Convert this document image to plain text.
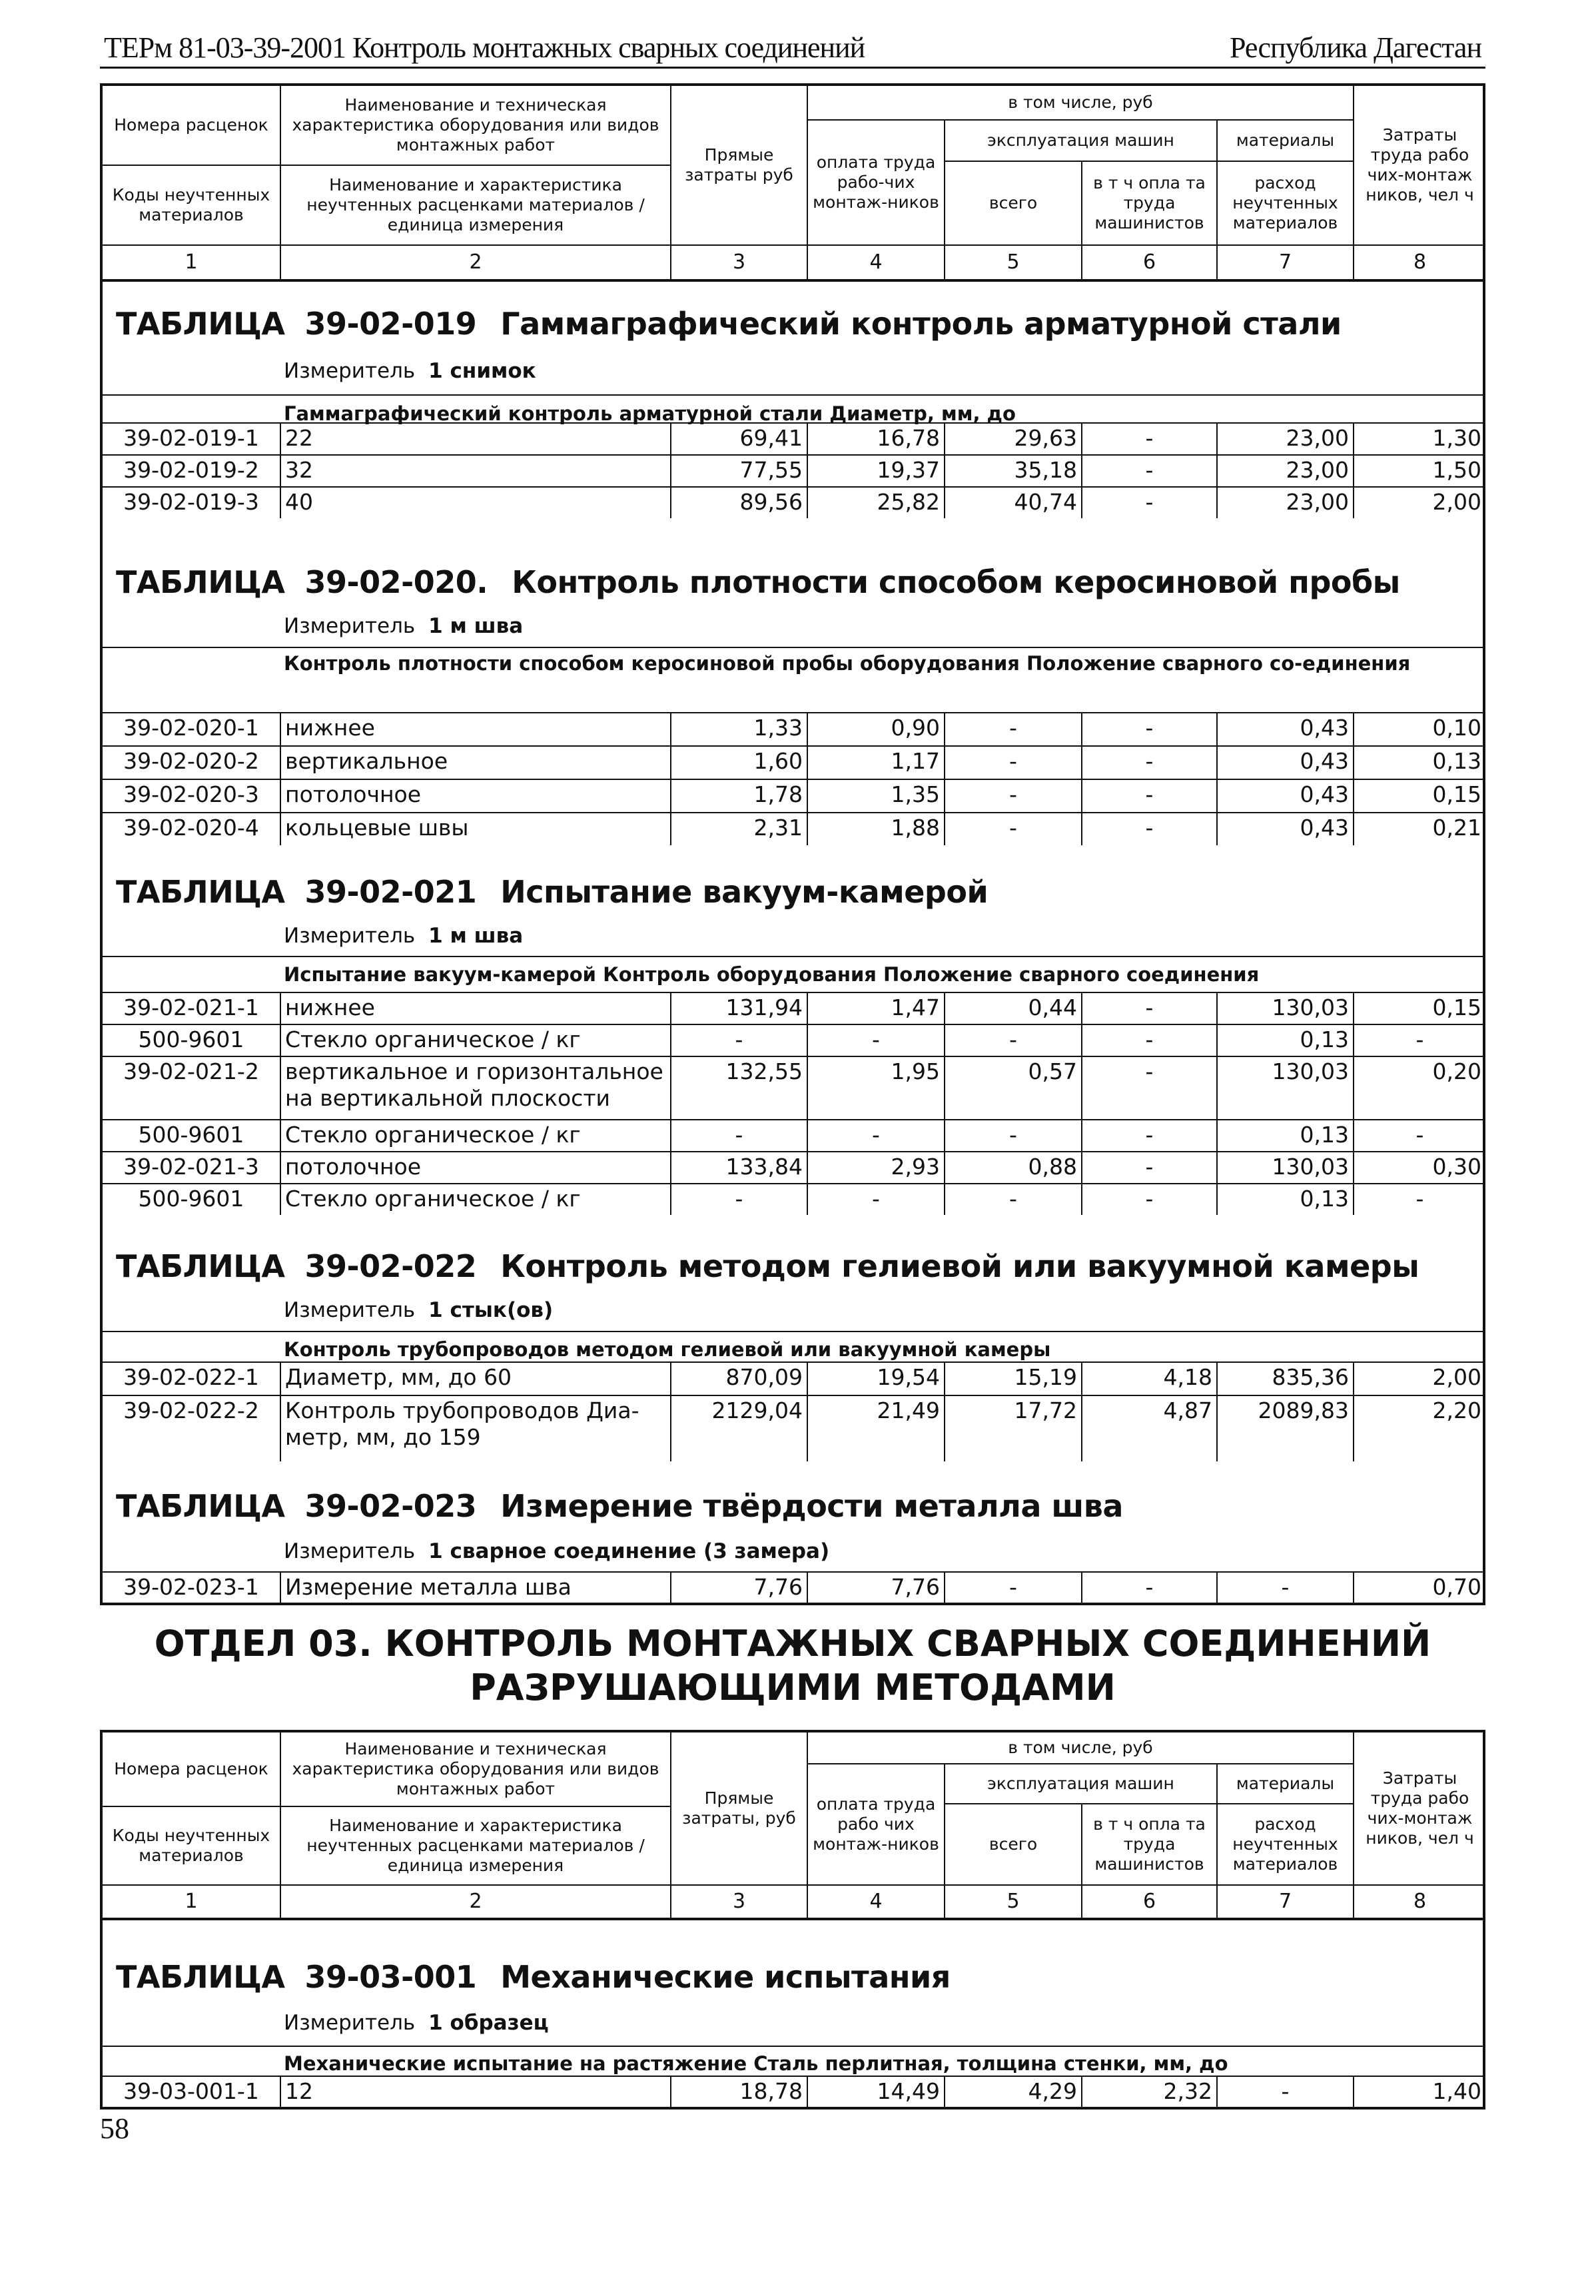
ТЕРм 81-03-39-2001 Контроль монтажных сварных соединений	Республика Дагестан
Номера расценок
Коды неучтенных материалов
Наименование и техническая характеристика оборудования или видов монтажных работ
Наименование и характеристика неучтенных расценками материалов / единица измерения
Прямые затраты руб
в том числе, руб
оплата труда рабо-чих монтаж-ников
эксплуатация машин
всего
в т ч опла та труда машинистов
материалы
расход неучтенных материалов
Затраты труда рабо чих-монтаж ников, чел ч
1	2	3	4	5	6	7	8
ТАБЛИЦА 39-02-019 Гаммаграфический контроль арматурной стали
Измеритель 1 снимок
Гаммаграфический контроль арматурной стали Диаметр, мм, до
ТАБЛИЦА 39-02-020. Контроль плотности способом керосиновой пробы
Измеритель 1 м шва
Контроль плотности способом керосиновой пробы оборудования Положение сварного со-единения
ТАБЛИЦА 39-02-021 Испытание вакуум-камерой
Измеритель 1 м шва
Испытание вакуум-камерой Контроль оборудования Положение сварного соединения
ТАБЛИЦА 39-02-022 Контроль методом гелиевой или вакуумной камеры
Измеритель 1 стык(ов)
Контроль трубопроводов методом гелиевой или вакуумной камеры
ТАБЛИЦА 39-02-023 Измерение твёрдости металла шва
Измеритель 1 сварное соединение (3 замера)
39-02-019-1	22	69,41	16,78	29,63	-	23,00	1,30
39-02-019-2	32	77,55	19,37	35,18	-	23,00	1,50
39-02-019-3	40	89,56	25,82	40,74	-	23,00	2,00
39-02-020-1	нижнее	1,33	0,90	-	-	0,43	0,10
39-02-020-2	вертикальное	1,60	1,17	-	-	0,43	0,13
39-02-020-3	потолочное	1,78	1,35	-	-	0,43	0,15
39-02-020-4	кольцевые швы	2,31	1,88	-	-	0,43	0,21
39-02-021-1	нижнее	131,94	1,47	0,44	-	130,03	0,15
500-9601	Стекло органическое / кг	-	-	-	-	0,13	-
39-02-021-2	вертикальное и горизонтальное на вертикальной плоскости
132,55	1,95	0,57	-	130,03	0,20
500-9601	Стекло органическое / кг	-	-	-	-	0,13	-
39-02-021-3	потолочное	133,84	2,93	0,88	-	130,03	0,30
500-9601	Стекло органическое / кг	-	-	-	-	0,13	-
39-02-022-1	Диаметр, мм, до 60	870,09	19,54	15,19	4,18	835,36	2,00
39-02-022-2	Контроль трубопроводов Диа-метр, мм, до 159
2129,04	21,49	17,72	4,87	2089,83	2,20
39-02-023-1	Измерение металла шва	7,76	7,76	-	-	-	0,70
ОТДЕЛ 03. КОНТРОЛЬ МОНТАЖНЫХ СВАРНЫХ СОЕДИНЕНИЙ
РАЗРУШАЮЩИМИ МЕТОДАМИ
Номера расценок
Коды неучтенных материалов
Наименование и техническая характеристика оборудования или видов монтажных работ
Наименование и характеристика неучтенных расценками материалов / единица измерения
Прямые затраты, руб
в том числе, руб
оплата труда рабо чих монтаж-ников
эксплуатация машин
всего
в т ч опла та труда машинистов
материалы
расход неучтенных материалов
Затраты труда рабо чих-монтаж ников, чел ч
1	2	3	4	5	6	7	8
ТАБЛИЦА 39-03-001 Механические испытания
Измеритель 1 образец
Механические испытание на растяжение Сталь перлитная, толщина стенки, мм, до
39-03-001-1	12	18,78	14,49	4,29	2,32	-	1,40
58
